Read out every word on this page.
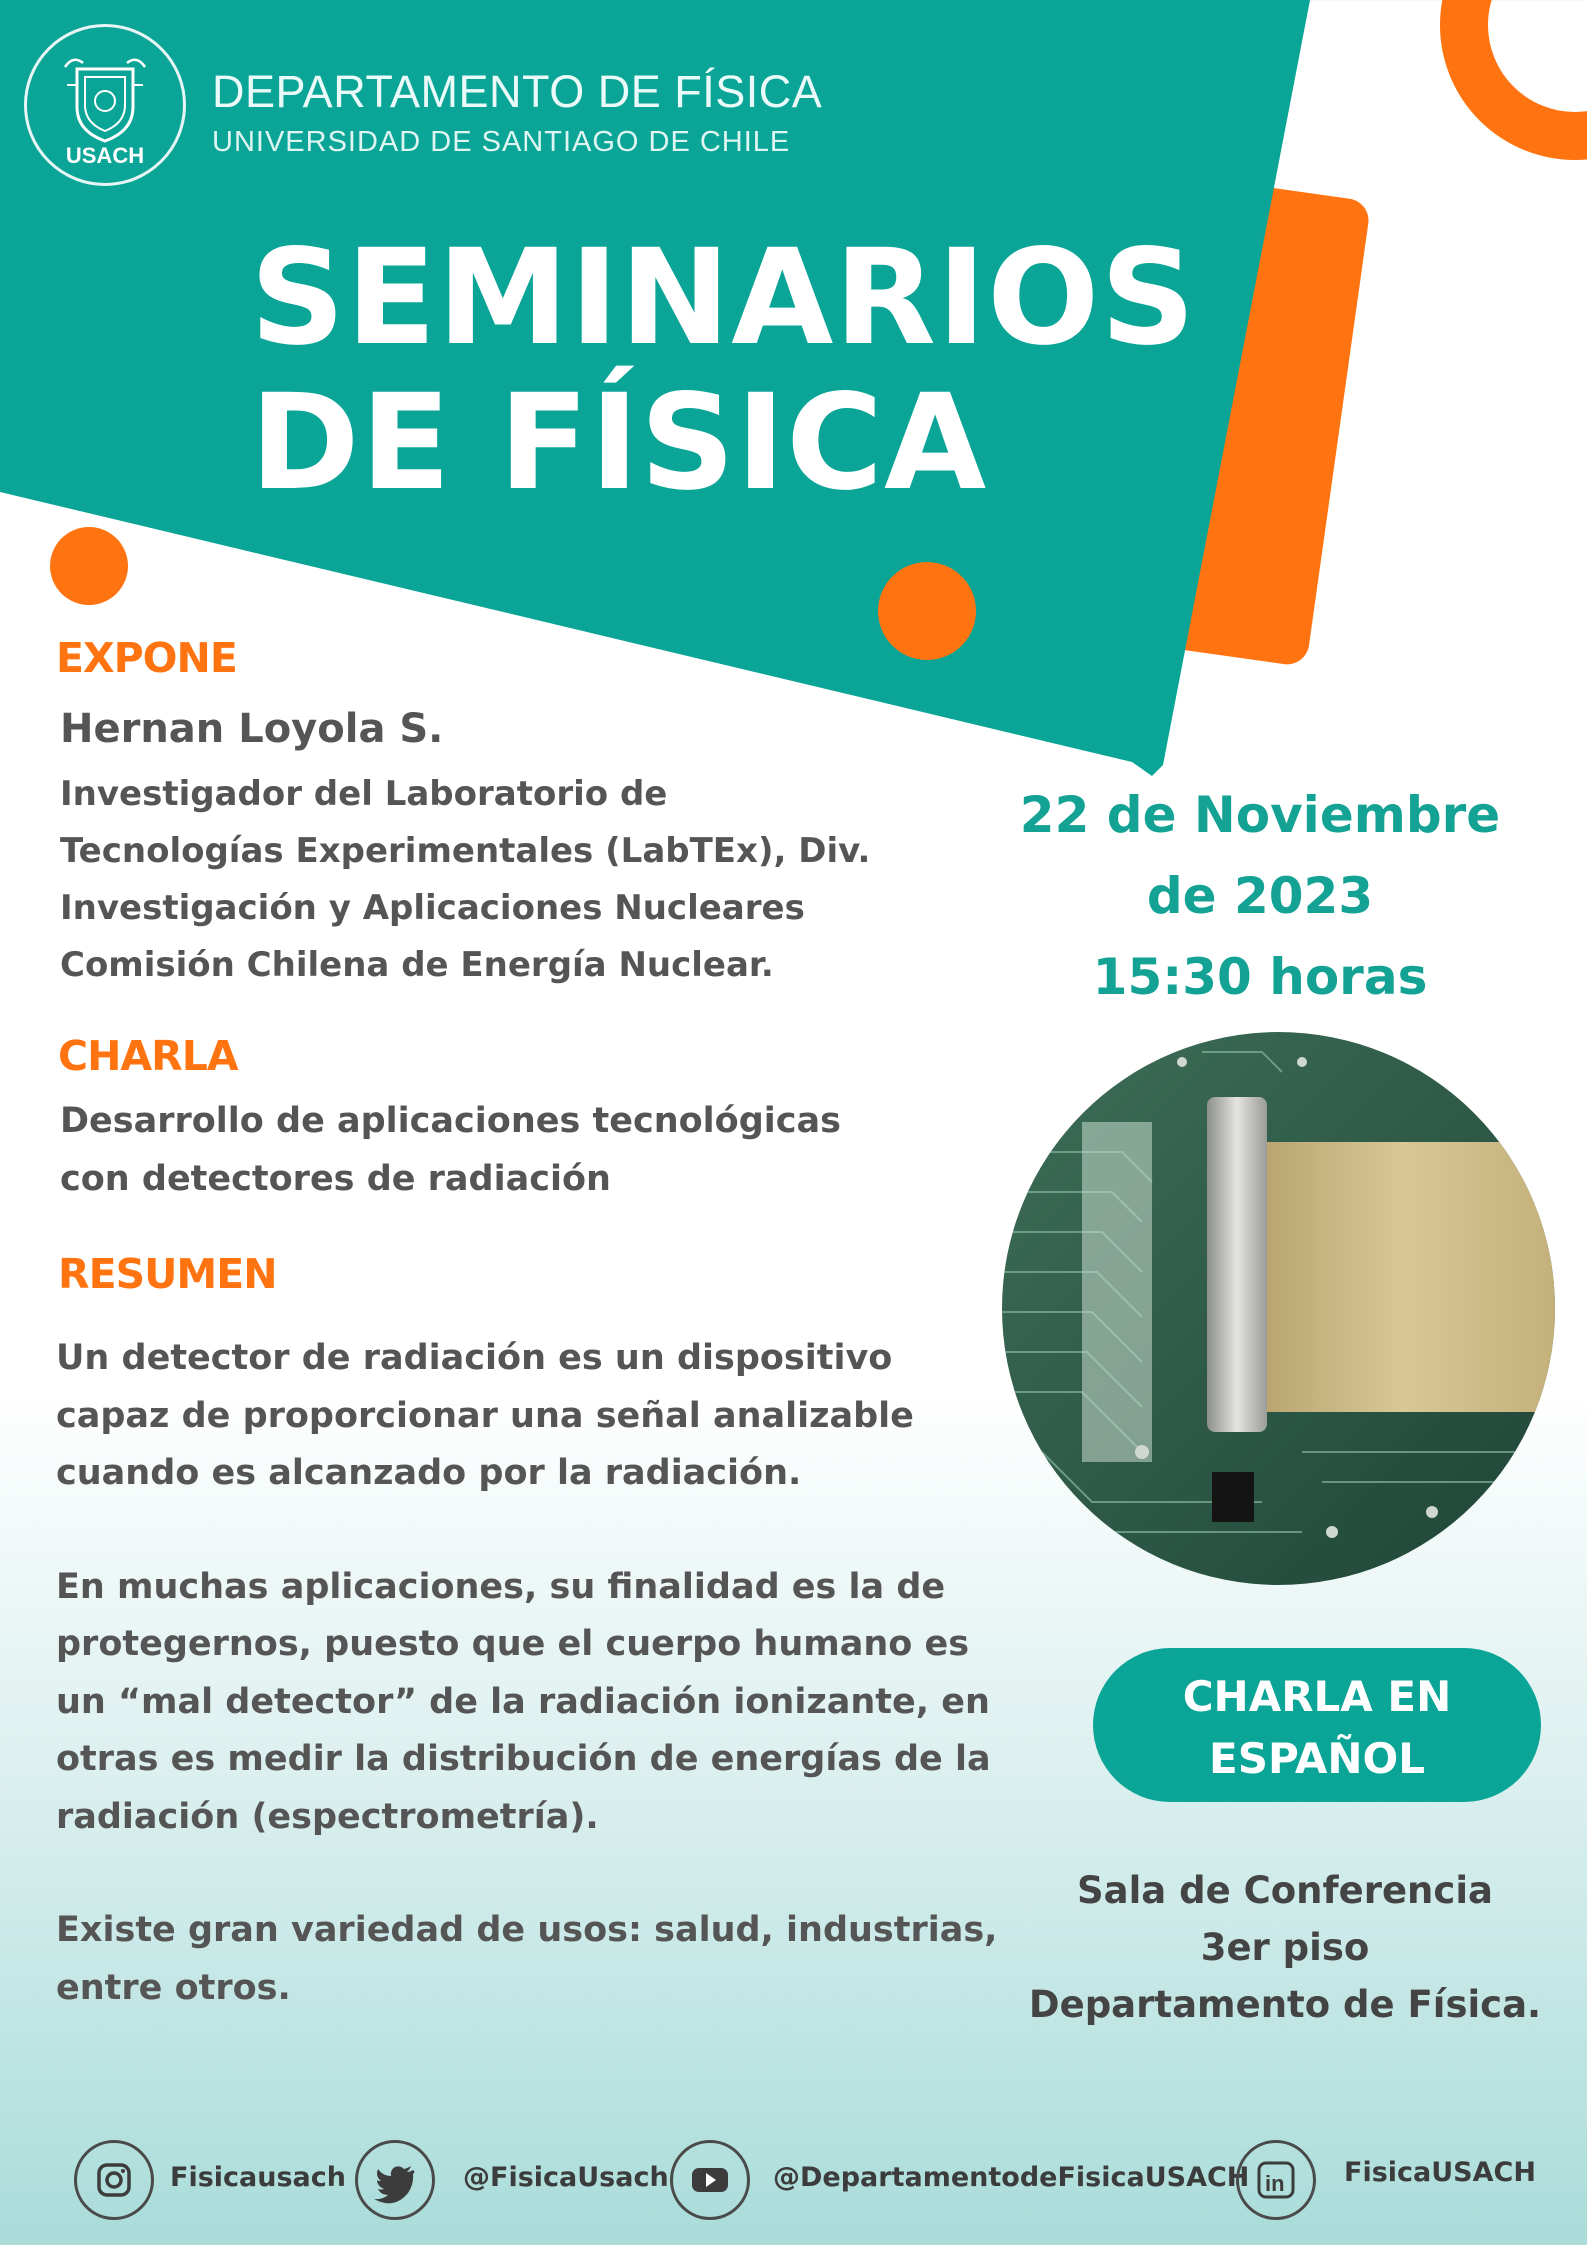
USACH
DEPARTAMENTO DE FÍSICA
UNIVERSIDAD DE SANTIAGO DE CHILE
SEMINARIOS
DE FÍSICA
EXPONE
Hernan Loyola S.
Investigador del Laboratorio de
Tecnologías Experimentales (LabTEx), Div.
Investigación y Aplicaciones Nucleares
Comisión Chilena de Energía Nuclear.
CHARLA
Desarrollo de aplicaciones tecnológicas
con detectores de radiación
RESUMEN

Un detector de radiación es un dispositivo
capaz de proporcionar una señal analizable
cuando es alcanzado por la radiación.

En muchas aplicaciones, su finalidad es la de
protegernos, puesto que el cuerpo humano es
un “mal detector” de la radiación ionizante, en
otras es medir la distribución de energías de la
radiación (espectrometría).

Existe gran variedad de usos: salud, industrias,
entre otros.

22 de Noviembre
de 2023
15:30 horas
CHARLA EN
ESPAÑOL
Sala de Conferencia
3er piso
Departamento de Física.
Fisicausach	@FisicaUsach	@DepartamentodeFisicaUSACH in FisicaUSACH
